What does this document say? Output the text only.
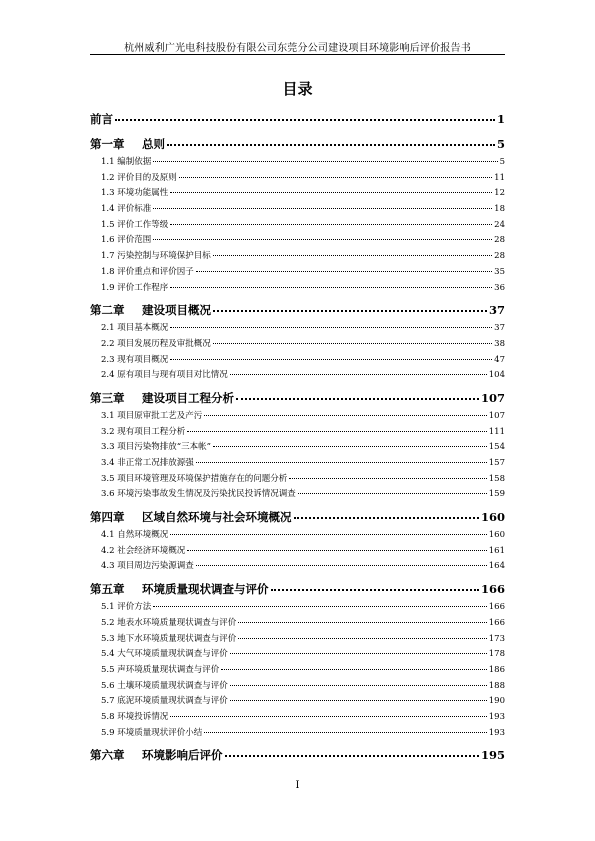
杭州威利广光电科技股份有限公司东莞分公司建设项目环境影响后评价报告书
目录
前言	1
第一章 总则	5
1.1 编制依据	5
1.2 评价目的及原则	11
1.3 环境功能属性	12
1.4 评价标准	18
1.5 评价工作等级	24
1.6 评价范围	28
1.7 污染控制与环境保护目标	28
1.8 评价重点和评价因子	35
1.9 评价工作程序	36
第二章 建设项目概况	37
2.1 项目基本概况	37
2.2 项目发展历程及审批概况	38
2.3 现有项目概况	47
2.4 原有项目与现有项目对比情况	104
第三章 建设项目工程分析	107
3.1 项目原审批工艺及产污	107
3.2 现有项目工程分析	111
3.3 项目污染物排放“三本帐”	154
3.4 非正常工况排放源强	157
3.5 项目环境管理及环境保护措施存在的问题分析	158
3.6 环境污染事故发生情况及污染扰民投诉情况调查	159
第四章 区域自然环境与社会环境概况	160
4.1 自然环境概况	160
4.2 社会经济环境概况	161
4.3 项目周边污染源调查	164
第五章 环境质量现状调查与评价	166
5.1 评价方法	166
5.2 地表水环境质量现状调查与评价	166
5.3 地下水环境质量现状调查与评价	173
5.4 大气环境质量现状调查与评价	178
5.5 声环境质量现状调查与评价	186
5.6 土壤环境质量现状调查与评价	188
5.7 底泥环境质量现状调查与评价	190
5.8 环境投诉情况	193
5.9 环境质量现状评价小结	193
第六章 环境影响后评价	195
I
